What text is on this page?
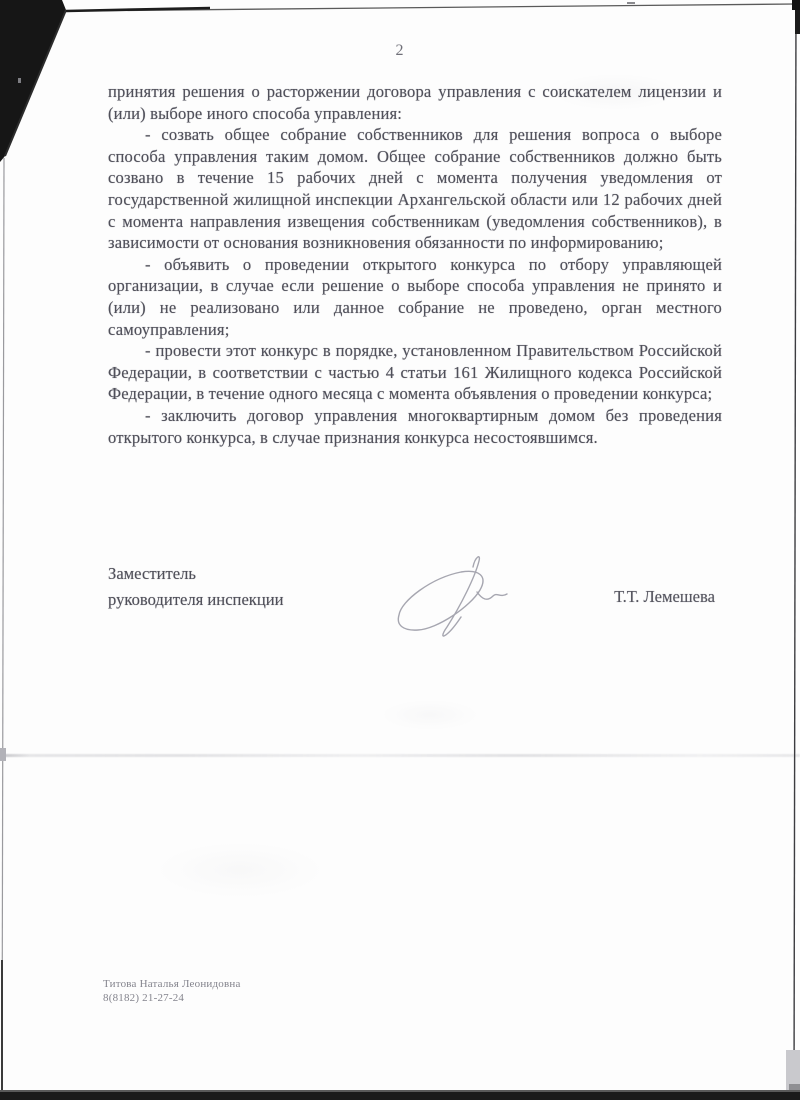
2

принятия решения о расторжении договора управления с соискателем лицензии и (или) выборе иного способа управления:

- созвать общее собрание собственников для решения вопроса о выборе способа управления таким домом. Общее собрание собственников должно быть созвано в течение 15 рабочих дней с момента получения уведомления от государственной жилищной инспекции Архангельской области или 12 рабочих дней с момента направления извещения собственникам (уведомления собственников), в зависимости от основания возникновения обязанности по информированию;

- объявить о проведении открытого конкурса по отбору управляющей организации, в случае если решение о выборе способа управления не принято и (или) не реализовано или данное собрание не проведено, орган местного самоуправления;

- провести этот конкурс в порядке, установленном Правительством Российской Федерации, в соответствии с частью 4 статьи 161 Жилищного кодекса Российской Федерации, в течение одного месяца с момента объявления о проведении конкурса;

- заключить договор управления многоквартирным домом без проведения открытого конкурса, в случае признания конкурса несостоявшимся.

Заместитель
руководителя инспекции	Т.Т. Лемешева
Титова Наталья Леонидовна
8(8182) 21-27-24
